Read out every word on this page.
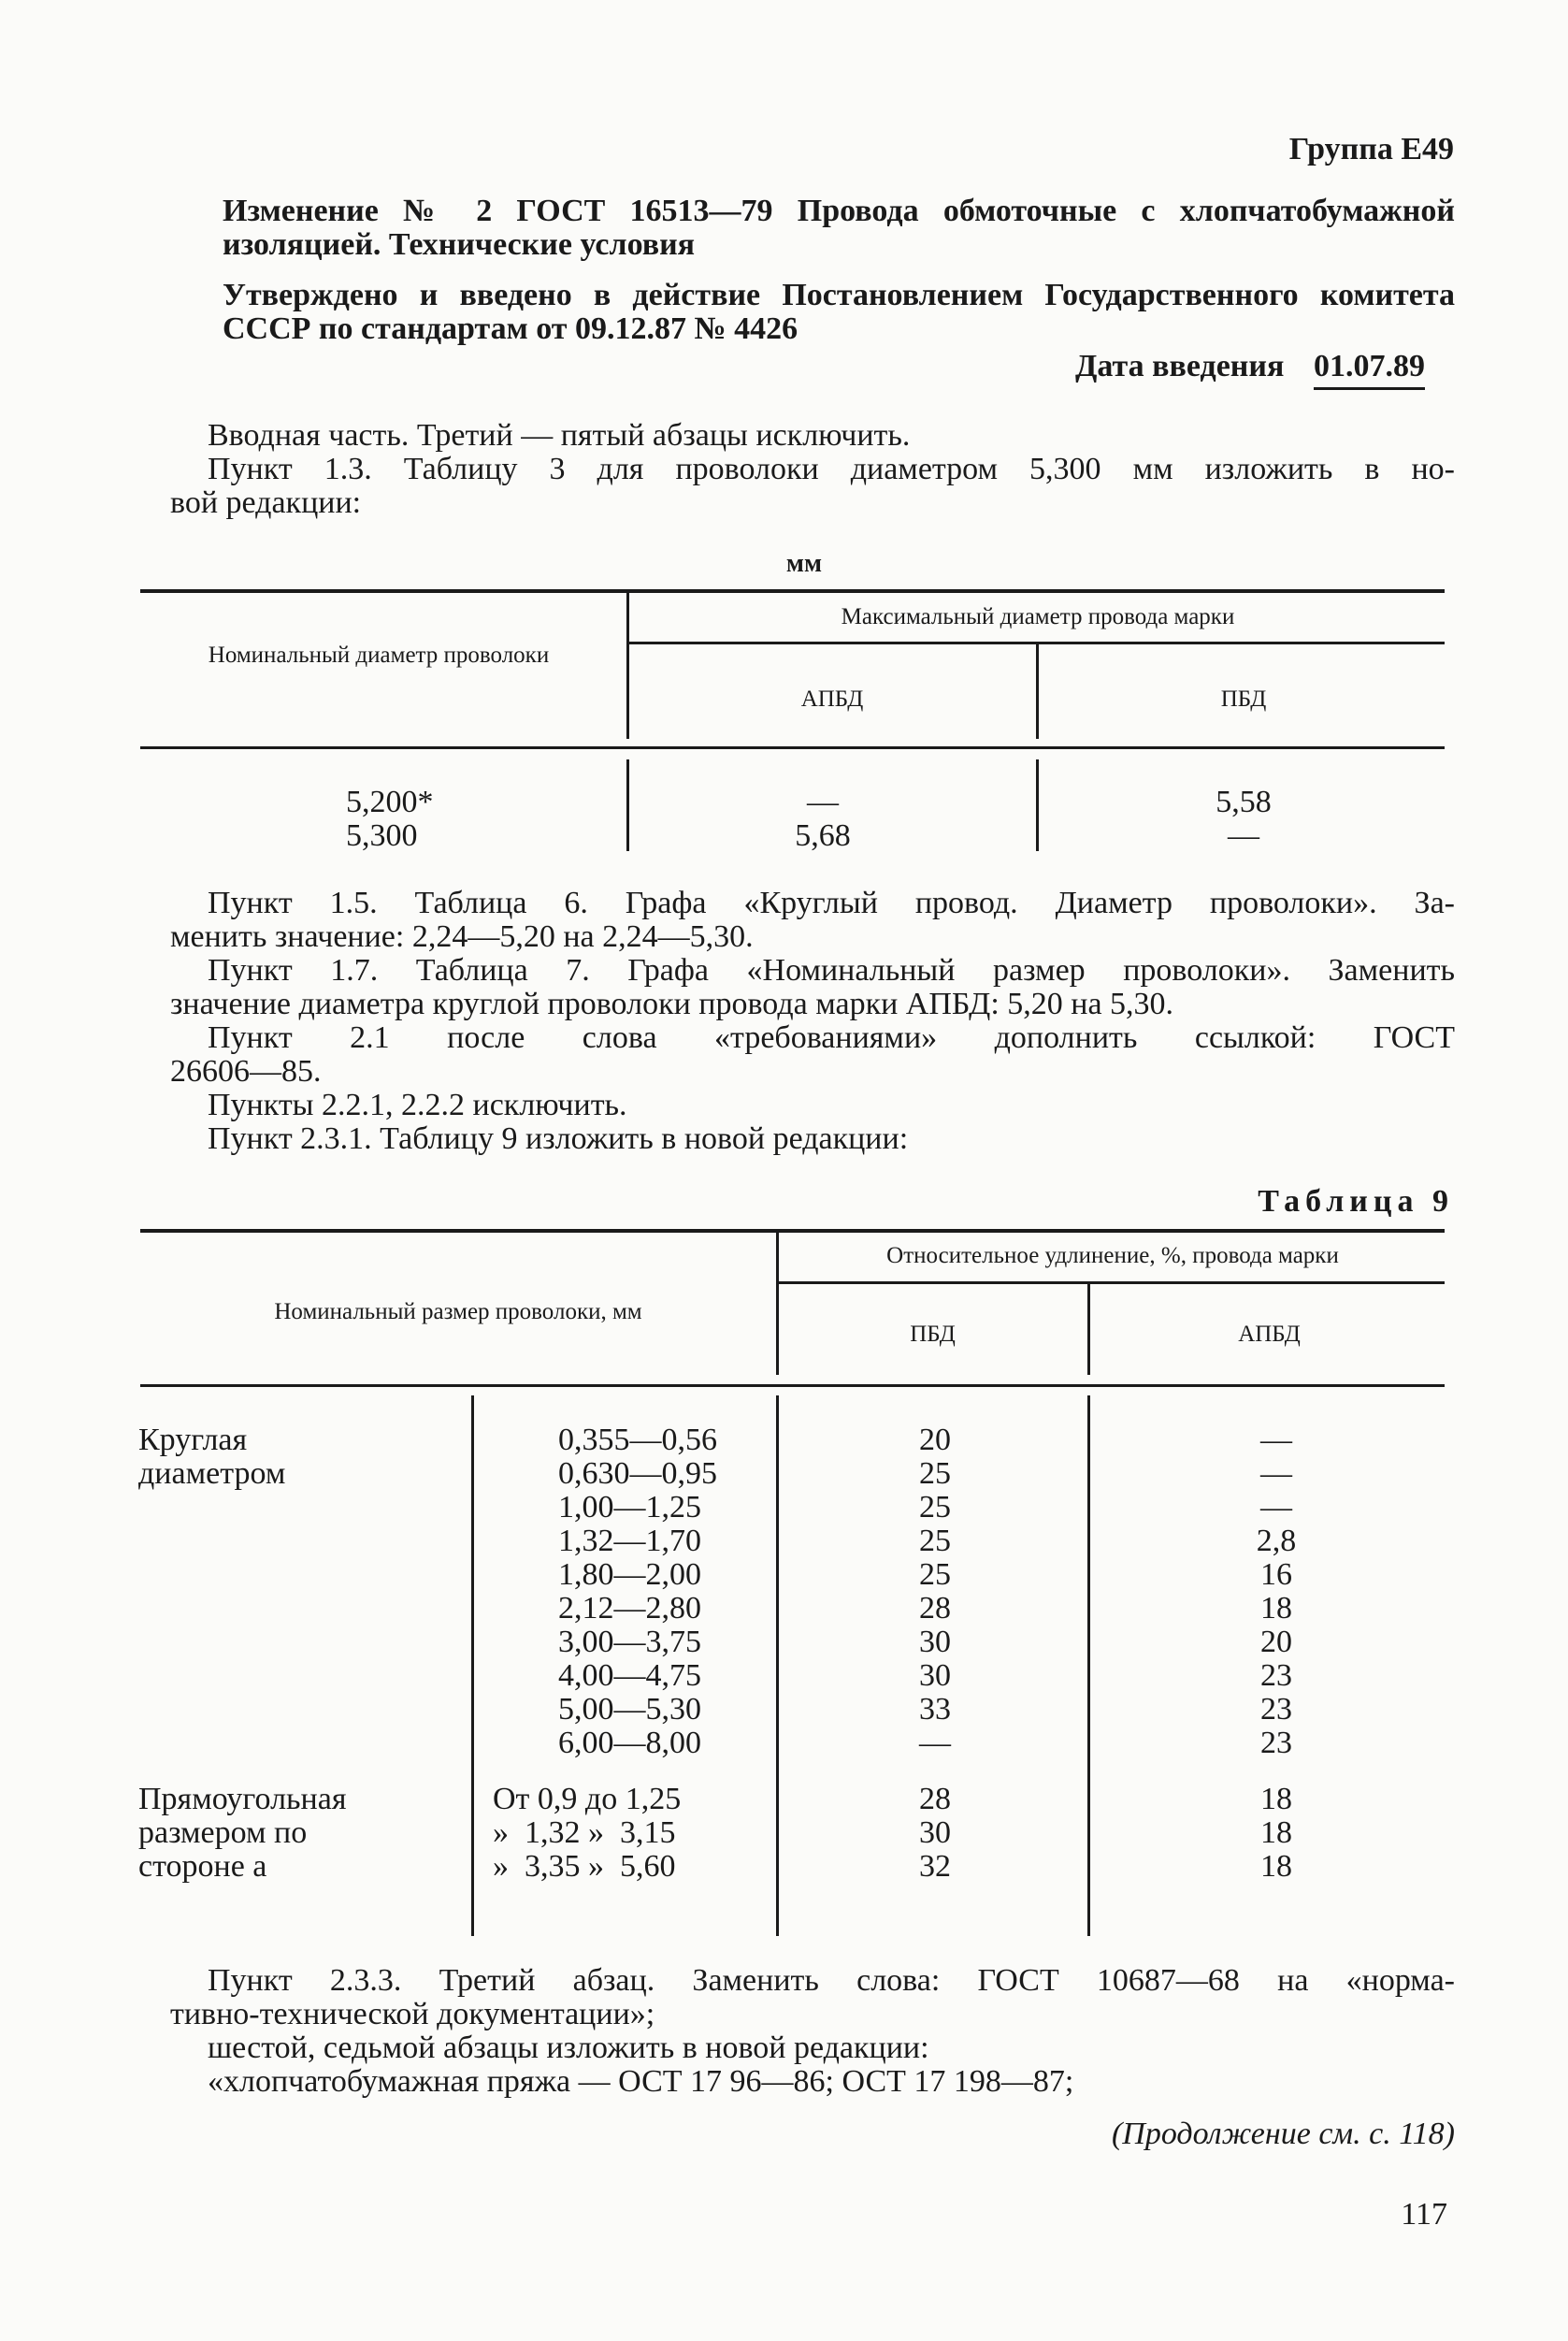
Группа Е49
Изменение № 2 ГОСТ 16513—79 Провода обмоточные с хлопчатобумажной
изоляцией. Технические условия
Утверждено и введено в действие Постановлением Государственного комитета
СССР по стандартам от 09.12.87 № 4426
Дата введения 01.07.89
Вводная часть. Третий — пятый абзацы исключить.
Пункт 1.3. Таблицу 3 для проволоки диаметром 5,300 мм изложить в но-
вой редакции:
мм
Номинальный диаметр проволоки
Максимальный диаметр провода марки
АПБД	ПБД
5,200*
5,300
—
5,68
5,58
—
Пункт 1.5. Таблица 6. Графа «Круглый провод. Диаметр проволоки». За-
менить значение: 2,24—5,20 на 2,24—5,30.
Пункт 1.7. Таблица 7. Графа «Номинальный размер проволоки». Заменить
значение диаметра круглой проволоки провода марки АПБД: 5,20 на 5,30.
Пункт 2.1 после слова «требованиями» дополнить ссылкой: ГОСТ
26606—85.
Пункты 2.2.1, 2.2.2 исключить.
Пункт 2.3.1. Таблицу 9 изложить в новой редакции:
Таблица 9
Номинальный размер проволоки, мм
Относительное удлинение, %, провода марки
ПБД	АПБД
Круглая
диаметром
0,355—0,56
0,630—0,95
1,00—1,25
1,32—1,70
1,80—2,00
2,12—2,80
3,00—3,75
4,00—4,75
5,00—5,30
6,00—8,00
20
25
25
25
25
28
30
30
33
—
—
—
—
2,8
16
18
20
23
23
23
Прямоугольная
размером по
стороне a
От 0,9 до 1,25
»  1,32 »  3,15
»  3,35 »  5,60
28
30
32
18
18
18
Пункт 2.3.3. Третий абзац. Заменить слова: ГОСТ 10687—68 на «норма-
тивно-технической документации»;
шестой, седьмой абзацы изложить в новой редакции:
«хлопчатобумажная пряжа — ОСТ 17 96—86; ОСТ 17 198—87;
(Продолжение см. с. 118)
117
